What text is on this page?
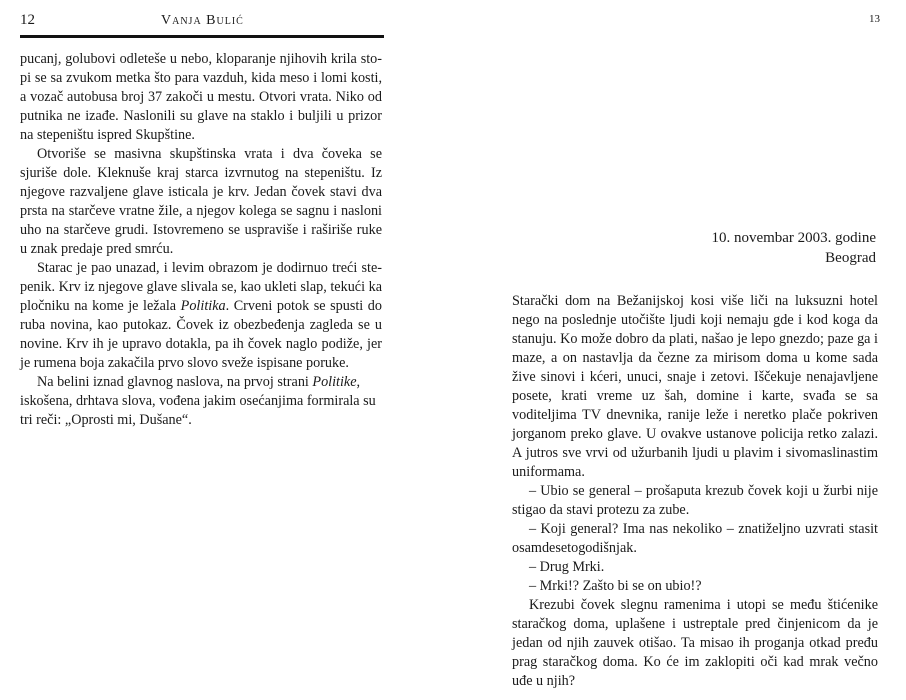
12	Vanja Bulić

pucanj, golubovi odleteše u nebo, kloparanje njihovih krila stopi se sa zvukom metka što para vazduh, kida meso i lomi kosti, a vozač autobusa broj 37 zakoči u mestu. Otvori vrata. Niko od putnika ne izađe. Naslonili su glave na staklo i buljili u prizor na stepeništu ispred Skupštine.

Otvoriše se masivna skupštinska vrata i dva čoveka se sjuriše dole. Kleknuše kraj starca izvrnutog na stepeništu. Iz njegove razvaljene glave isticala je krv. Jedan čovek stavi dva prsta na starčeve vratne žile, a njegov kolega se sagnu i nasloni uho na starčeve grudi. Istovremeno se uspraviše i raširiše ruke u znak predaje pred smrću.

Starac je pao unazad, i levim obrazom je dodirnuo treći stepenik. Krv iz njegove glave slivala se, kao ukleti slap, tekući ka pločniku na kome je ležala Politika. Crveni potok se spusti do ruba novina, kao putokaz. Čovek iz obezbeđenja zagleda se u novine. Krv ih je upravo dotakla, pa ih čovek naglo podiže, jer je rumena boja zakačila prvo slovo sveže ispisane poruke.

Na belini iznad glavnog naslova, na prvoj strani Politike, iskošena, drhtava slova, vođena jakim osećanjima formirala su tri reči: „Oprosti mi, Dušane“.

13
10. novembar 2003. godine
Beograd

Starački dom na Bežanijskoj kosi više liči na luksuzni hotel nego na poslednje utočište ljudi koji nemaju gde i kod koga da stanuju. Ko može dobro da plati, našao je lepo gnezdo; paze ga i maze, a on nastavlja da čezne za mirisom doma u kome sada žive sinovi i kćeri, unuci, snaje i zetovi. Iščekuje nenajavljene posete, krati vreme uz šah, domine i karte, svađa se sa voditeljima TV dnevnika, ranije leže i neretko plače pokriven jorganom preko glave. U ovakve ustanove policija retko zalazi. A jutros sve vrvi od užurbanih ljudi u plavim i sivomaslinastim uniformama.

– Ubio se general – prošaputa krezub čovek koji u žurbi nije stigao da stavi protezu za zube.

– Koji general? Ima nas nekoliko – znatiželjno uzvrati stasit osamdesetogodišnjak.

– Drug Mrki.

– Mrki!? Zašto bi se on ubio!?

Krezubi čovek slegnu ramenima i utopi se među štićenike staračkog doma, uplašene i ustreptale pred činjenicom da je jedan od njih zauvek otišao. Ta misao ih proganja otkad pređu prag staračkog doma. Ko će im zaklopiti oči kad mrak večno uđe u njih?
